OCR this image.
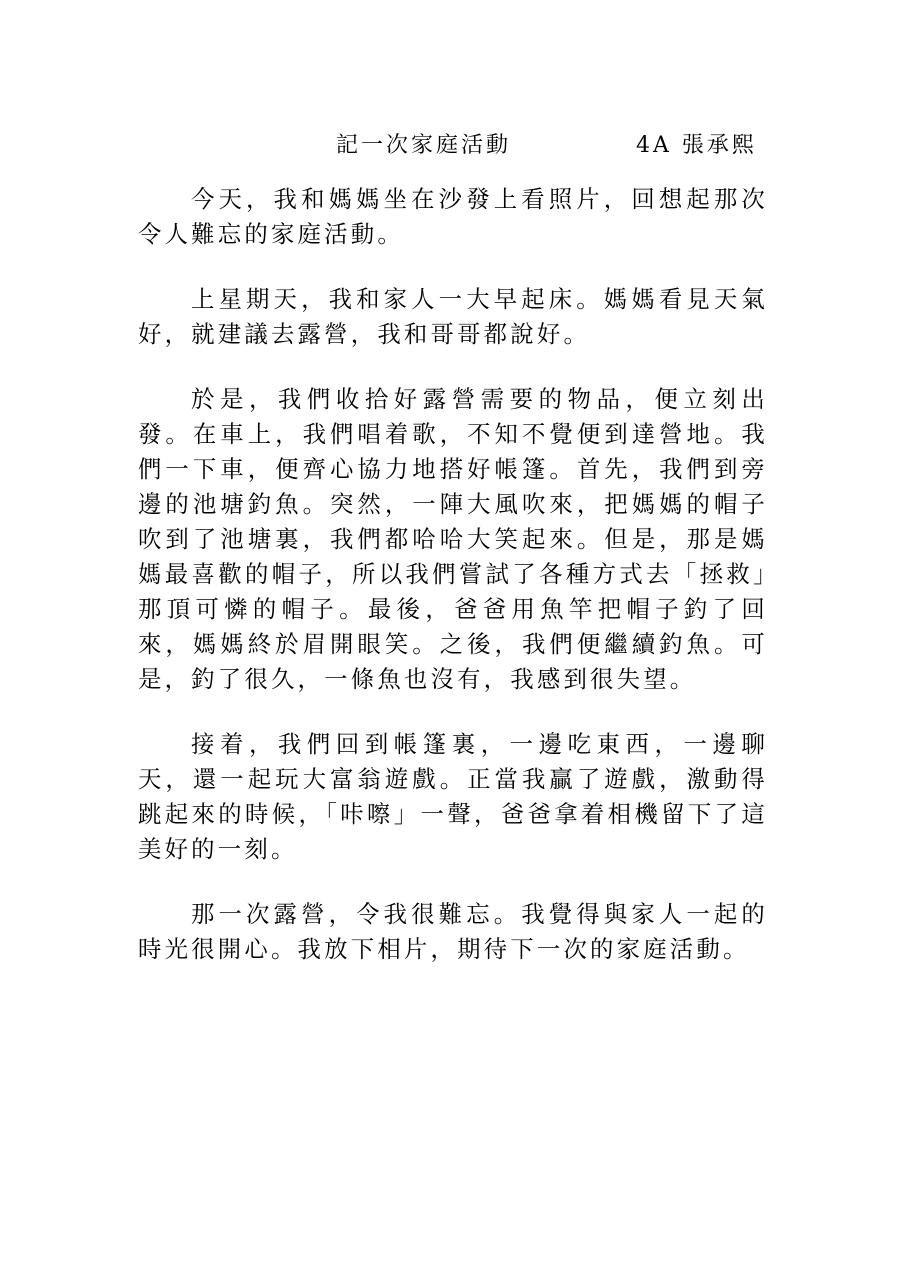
記一次家庭活動	4A 張承熙

今天，我和媽媽坐在沙發上看照片，回想起那次令人難忘的家庭活動。

上星期天，我和家人一大早起床。媽媽看見天氣好，就建議去露營，我和哥哥都說好。

於是，我們收拾好露營需要的物品，便立刻出發。在車上，我們唱着歌，不知不覺便到達營地。我們一下車，便齊心協力地搭好帳篷。首先，我們到旁邊的池塘釣魚。突然，一陣大風吹來，把媽媽的帽子吹到了池塘裏，我們都哈哈大笑起來。但是，那是媽媽最喜歡的帽子，所以我們嘗試了各種方式去「拯救」那頂可憐的帽子。最後，爸爸用魚竿把帽子釣了回來，媽媽終於眉開眼笑。之後，我們便繼續釣魚。可是，釣了很久，一條魚也沒有，我感到很失望。

接着，我們回到帳篷裏，一邊吃東西，一邊聊天，還一起玩大富翁遊戲。正當我贏了遊戲，激動得跳起來的時候，「咔嚓」一聲，爸爸拿着相機留下了這美好的一刻。

那一次露營，令我很難忘。我覺得與家人一起的時光很開心。我放下相片，期待下一次的家庭活動。
